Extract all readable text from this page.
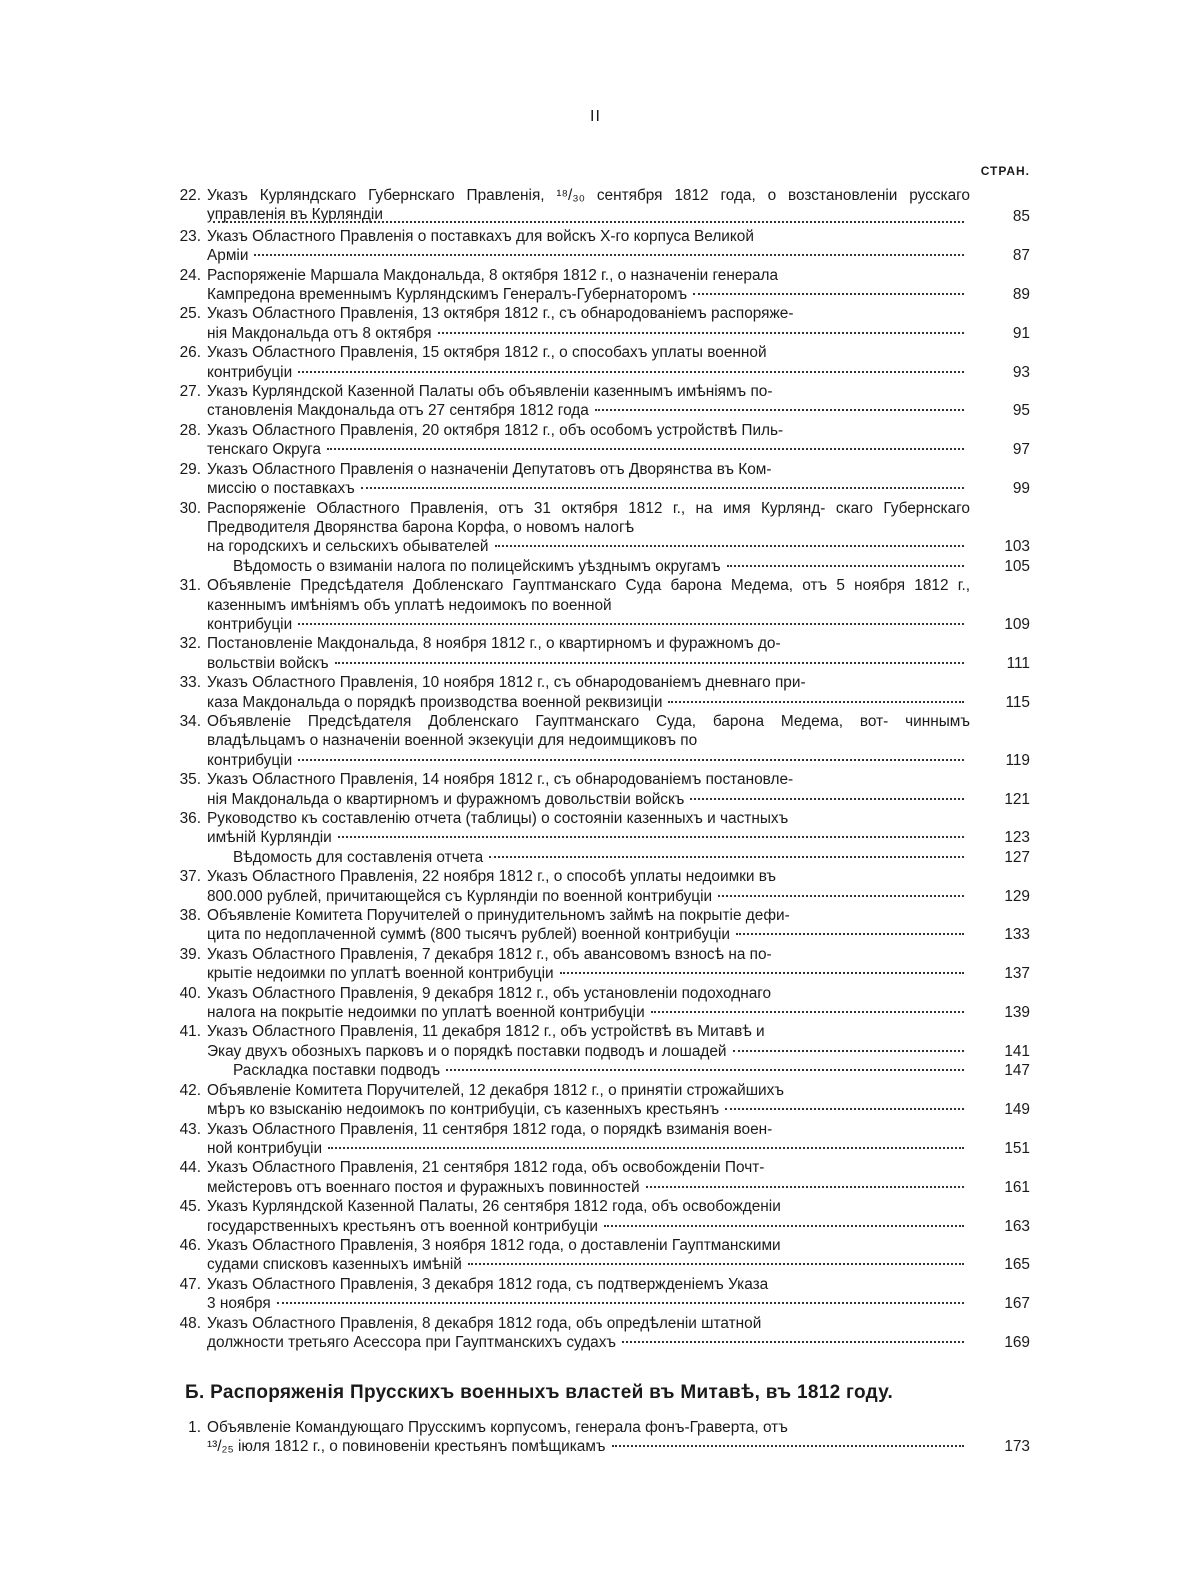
II
СТРАН.
22. Указъ Курляндскаго Губернскаго Правленія, ¹⁸/₃₀ сентября 1812 года, о возстановленіи русскаго управленія въ Курляндіи	85
23. Указъ Областного Правленія о поставкахъ для войскъ Х-го корпуса Великой
Арміи	87
24. Распоряженіе Маршала Макдональда, 8 октября 1812 г., о назначеніи генерала
Кампредона временнымъ Курляндскимъ Генералъ-Губернаторомъ	89
25. Указъ Областного Правленія, 13 октября 1812 г., съ обнародованіемъ распоряже-
нія Макдональда отъ 8 октября	91
26. Указъ Областного Правленія, 15 октября 1812 г., о способахъ уплаты военной
контрибуціи	93
27. Указъ Курляндской Казенной Палаты объ объявленіи казеннымъ имѣніямъ по-
становленія Макдональда отъ 27 сентября 1812 года	95
28. Указъ Областного Правленія, 20 октября 1812 г., объ особомъ устройствѣ Пиль-
тенскаго Округа	97
29. Указъ Областного Правленія о назначеніи Депутатовъ отъ Дворянства въ Ком-
миссію о поставкахъ	99
30. Распоряженіе Областного Правленія, отъ 31 октября 1812 г., на имя Курлянд- скаго Губернскаго Предводителя Дворянства барона Корфа, о новомъ налогѣ
на городскихъ и сельскихъ обывателей	103
Вѣдомость о взиманіи налога по полицейскимъ уѣзднымъ округамъ	105
31. Объявленіе Предсѣдателя Добленскаго Гауптманскаго Суда барона Медема, отъ 5 ноября 1812 г., казеннымъ имѣніямъ объ уплатѣ недоимокъ по военной
контрибуціи	109
32. Постановленіе Макдональда, 8 ноября 1812 г., о квартирномъ и фуражномъ до-
вольствіи войскъ	111
33. Указъ Областного Правленія, 10 ноября 1812 г., съ обнародованіемъ дневнаго при-
каза Макдональда о порядкѣ производства военной реквизиціи	115
34. Объявленіе Предсѣдателя Добленскаго Гауптманскаго Суда, барона Медема, вот- чиннымъ владѣльцамъ о назначеніи военной экзекуціи для недоимщиковъ по
контрибуціи	119
35. Указъ Областного Правленія, 14 ноября 1812 г., съ обнародованіемъ постановле-
нія Макдональда о квартирномъ и фуражномъ довольствіи войскъ	121
36. Руководство къ составленію отчета (таблицы) о состояніи казенныхъ и частныхъ
имѣній Курляндіи	123
Вѣдомость для составленія отчета	127
37. Указъ Областного Правленія, 22 ноября 1812 г., о способѣ уплаты недоимки въ
800.000 рублей, причитающейся съ Курляндіи по военной контрибуціи	129
38. Объявленіе Комитета Поручителей о принудительномъ займѣ на покрытіе дефи-
цита по недоплаченной суммѣ (800 тысячъ рублей) военной контрибуціи	133
39. Указъ Областного Правленія, 7 декабря 1812 г., объ авансовомъ взносѣ на по-
крытіе недоимки по уплатѣ военной контрибуціи	137
40. Указъ Областного Правленія, 9 декабря 1812 г., объ установленіи подоходнаго
налога на покрытіе недоимки по уплатѣ военной контрибуціи	139
41. Указъ Областного Правленія, 11 декабря 1812 г., объ устройствѣ въ Митавѣ и
Экау двухъ обозныхъ парковъ и о порядкѣ поставки подводъ и лошадей	141
Раскладка поставки подводъ	147
42. Объявленіе Комитета Поручителей, 12 декабря 1812 г., о принятіи строжайшихъ
мѣръ ко взысканію недоимокъ по контрибуціи, съ казенныхъ крестьянъ	149
43. Указъ Областного Правленія, 11 сентября 1812 года, о порядкѣ взиманія воен-
ной контрибуціи	151
44. Указъ Областного Правленія, 21 сентября 1812 года, объ освобожденіи Почт-
мейстеровъ отъ военнаго постоя и фуражныхъ повинностей	161
45. Указъ Курляндской Казенной Палаты, 26 сентября 1812 года, объ освобожденіи
государственныхъ крестьянъ отъ военной контрибуціи	163
46. Указъ Областного Правленія, 3 ноября 1812 года, о доставленіи Гауптманскими
судами списковъ казенныхъ имѣній	165
47. Указъ Областного Правленія, 3 декабря 1812 года, съ подтвержденіемъ Указа
3 ноября	167
48. Указъ Областного Правленія, 8 декабря 1812 года, объ опредѣленіи штатной
должности третьяго Асессора при Гауптманскихъ судахъ	169
Б. Распоряженія Прусскихъ военныхъ властей въ Митавѣ, въ 1812 году.
1. Объявленіе Командующаго Прусскимъ корпусомъ, генерала фонъ-Граверта, отъ
¹³/₂₅ іюля 1812 г., о повиновеніи крестьянъ помѣщикамъ	173
